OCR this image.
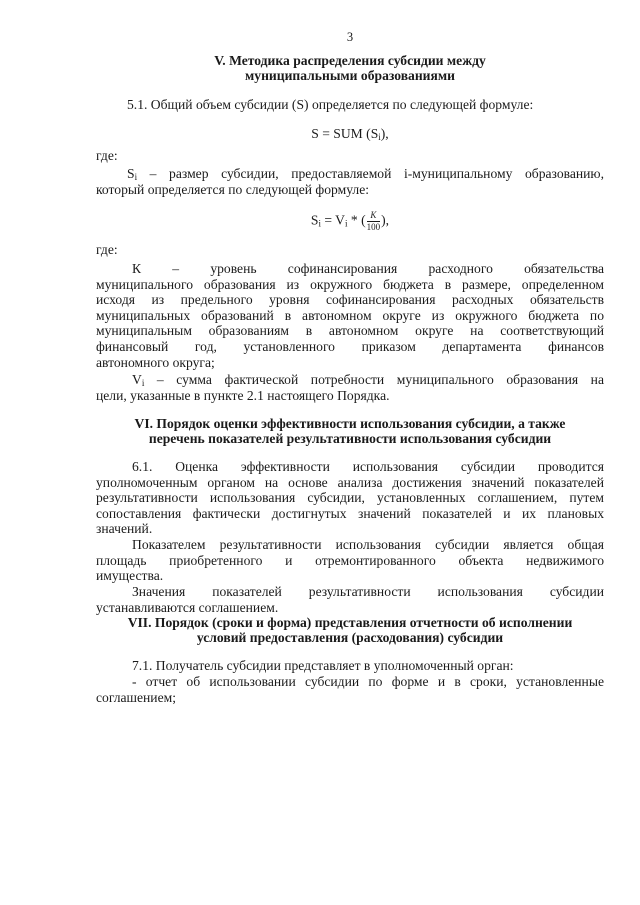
3
V. Методика распределения субсидии между
муниципальными образованиями
5.1. Общий объем субсидии (S) определяется по следующей формуле:
S = SUM $(S_i)$,
где:
$S_i$ – размер субсидии, предоставляемой i-муниципальному образованию,
который определяется по следующей формуле:
$S_i = V_i$ * ( $\frac{K}{100}$ ),
где:
К – уровень софинансирования расходного обязательства
муниципального образования из окружного бюджета в размере, определенном
исходя из предельного уровня софинансирования расходных обязательств
муниципальных образований в автономном округе из окружного бюджета по
муниципальным образованиям в автономном округе на соответствующий
финансовый год, установленного приказом департамента финансов
автономного округа;
$V_i$ – сумма фактической потребности муниципального образования на
цели, указанные в пункте 2.1 настоящего Порядка.
VI. Порядок оценки эффективности использования субсидии, а также
перечень показателей результативности использования субсидии
6.1. Оценка эффективности использования субсидии проводится
уполномоченным органом на основе анализа достижения значений показателей
результативности использования субсидии, установленных соглашением, путем
сопоставления фактически достигнутых значений показателей и их плановых
значений.
Показателем результативности использования субсидии является общая
площадь приобретенного и отремонтированного объекта недвижимого
имущества.
Значения показателей результативности использования субсидии
устанавливаются соглашением.
VII. Порядок (сроки и форма) представления отчетности об исполнении
условий предоставления (расходования) субсидии
7.1. Получатель субсидии представляет в уполномоченный орган:
- отчет об использовании субсидии по форме и в сроки, установленные
соглашением;
